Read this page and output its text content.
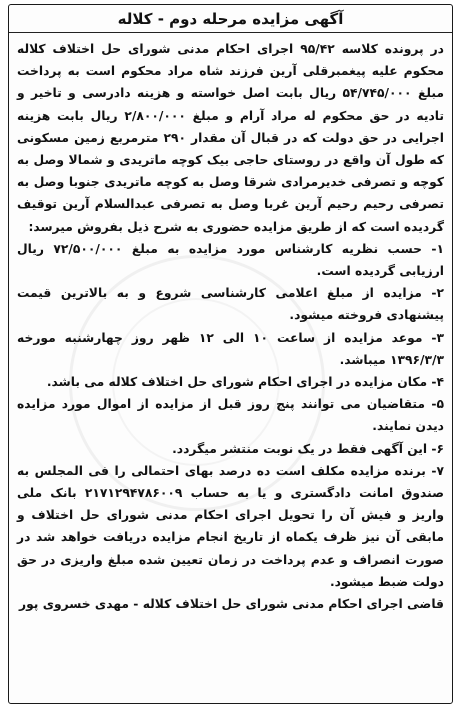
آگهی مزایده مرحله دوم - کلاله

در پرونده کلاسه ۹۵/۴۲ اجرای احکام مدنی شورای حل اختلاف کلاله محکوم علیه پیغمبرقلی آرین فرزند شاه مراد محکوم است به پرداخت مبلغ ۵۴/۷۴۵/۰۰۰ ریال بابت اصل خواسته و هزینه دادرسی و تاخیر و تادیه در حق محکوم له مراد آرام و مبلغ ۲/۸۰۰/۰۰۰ ریال بابت هزینه اجرایی در حق دولت که در قبال آن مقدار ۲۹۰ مترمربع زمین مسکونی که طول آن واقع در روستای حاجی بیک کوچه ماتریدی و شمالا وصل به کوچه و تصرفی خدیرمرادی شرقا وصل به کوچه ماتریدی جنوبا وصل به تصرفی رحیم رحیم آرین غربا وصل به تصرفی عبدالسلام آرین توقیف گردیده است که از طریق مزایده حضوری به شرح ذیل بفروش میرسد:

۱- حسب نظریه کارشناس مورد مزایده به مبلغ ۷۲/۵۰۰/۰۰۰ ریال ارزیابی گردیده است.

۲- مزایده از مبلغ اعلامی کارشناسی شروع و به بالاترین قیمت پیشنهادی فروخته میشود.

۳- موعد مزایده از ساعت ۱۰ الی ۱۲ ظهر روز چهارشنبه مورخه ۱۳۹۶/۳/۳ میباشد.

۴- مکان مزایده در اجرای احکام شورای حل اختلاف کلاله می باشد.

۵- متقاضیان می توانند پنج روز قبل از مزایده از اموال مورد مزایده دیدن نمایند.

۶- این آگهی فقط در یک نوبت منتشر میگردد.

۷- برنده مزایده مکلف است ده درصد بهای احتمالی را فی المجلس به صندوق امانت دادگستری و یا به حساب ۲۱۷۱۲۹۴۷۸۶۰۰۹ بانک ملی واریز و فیش آن را تحویل اجرای احکام مدنی شورای حل اختلاف و مابقی آن نیز ظرف یکماه از تاریخ انجام مزایده دریافت خواهد شد در صورت انصراف و عدم پرداخت در زمان تعیین شده مبلغ واریزی در حق دولت ضبط میشود.

قاضی اجرای احکام مدنی شورای حل اختلاف کلاله - مهدی خسروی پور
